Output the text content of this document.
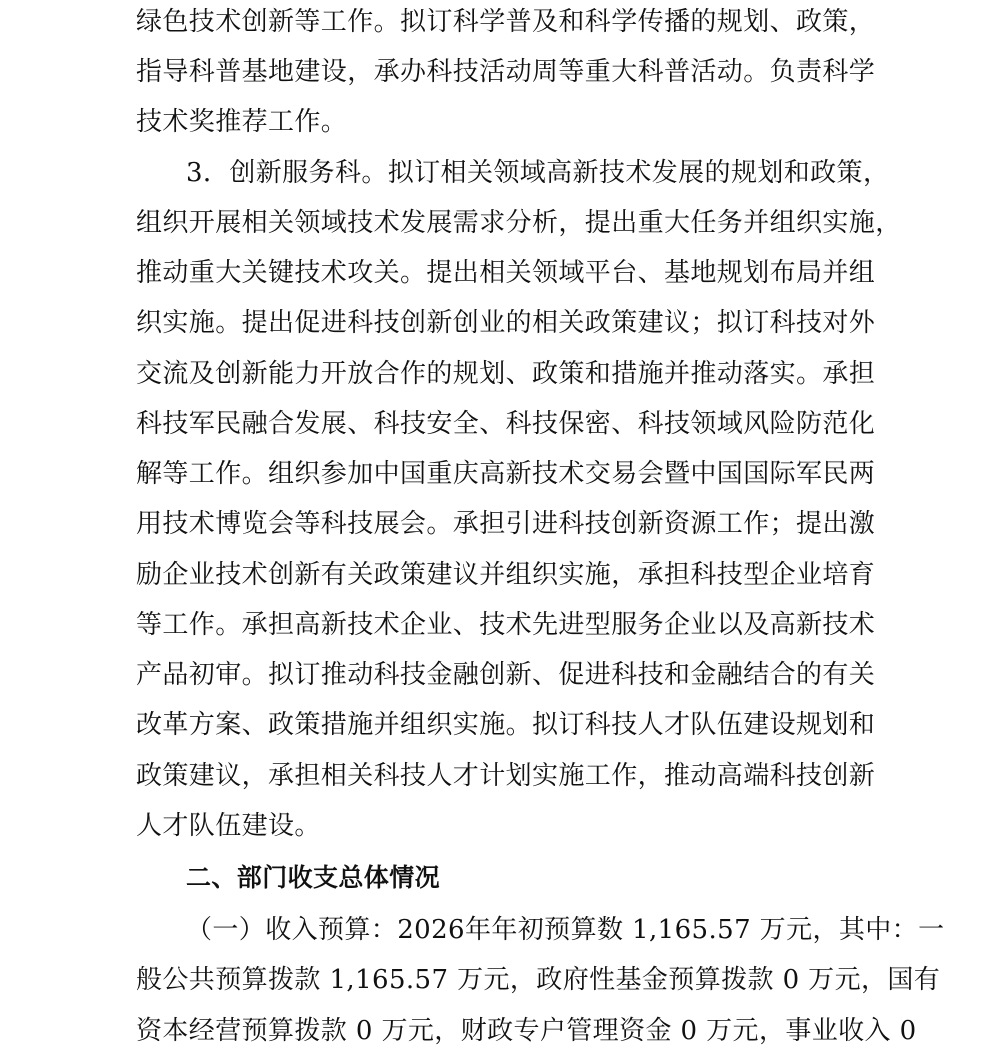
绿色技术创新等工作。拟订科学普及和科学传播的规划、政策，
指导科普基地建设，承办科技活动周等重大科普活动。负责科学
技术奖推荐工作。
3．创新服务科。拟订相关领域高新技术发展的规划和政策，
组织开展相关领域技术发展需求分析，提出重大任务并组织实施，
推动重大关键技术攻关。提出相关领域平台、基地规划布局并组
织实施。提出促进科技创新创业的相关政策建议；拟订科技对外
交流及创新能力开放合作的规划、政策和措施并推动落实。承担
科技军民融合发展、科技安全、科技保密、科技领域风险防范化
解等工作。组织参加中国重庆高新技术交易会暨中国国际军民两
用技术博览会等科技展会。承担引进科技创新资源工作；提出激
励企业技术创新有关政策建议并组织实施，承担科技型企业培育
等工作。承担高新技术企业、技术先进型服务企业以及高新技术
产品初审。拟订推动科技金融创新、促进科技和金融结合的有关
改革方案、政策措施并组织实施。拟订科技人才队伍建设规划和
政策建议，承担相关科技人才计划实施工作，推动高端科技创新
人才队伍建设。
二、部门收支总体情况
（一）收入预算：2026年年初预算数 1,165.57 万元，其中：一
般公共预算拨款 1,165.57 万元，政府性基金预算拨款 0 万元，国有
资本经营预算拨款 0 万元，财政专户管理资金 0 万元，事业收入 0
